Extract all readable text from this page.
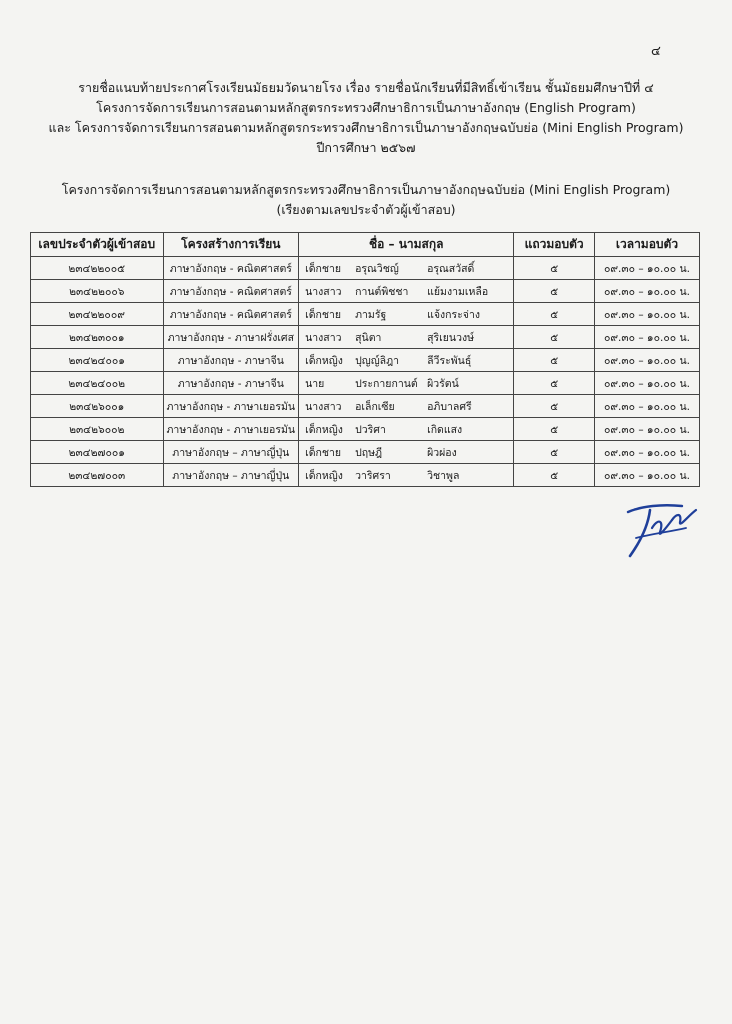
๔
รายชื่อแนบท้ายประกาศโรงเรียนมัธยมวัดนายโรง เรื่อง รายชื่อนักเรียนที่มีสิทธิ์เข้าเรียน ชั้นมัธยมศึกษาปีที่ ๔
โครงการจัดการเรียนการสอนตามหลักสูตรกระทรวงศึกษาธิการเป็นภาษาอังกฤษ (English Program)
และ โครงการจัดการเรียนการสอนตามหลักสูตรกระทรวงศึกษาธิการเป็นภาษาอังกฤษฉบับย่อ (Mini English Program)
ปีการศึกษา ๒๕๖๗
โครงการจัดการเรียนการสอนตามหลักสูตรกระทรวงศึกษาธิการเป็นภาษาอังกฤษฉบับย่อ (Mini English Program)
(เรียงตามเลขประจำตัวผู้เข้าสอบ)
เลขประจำตัวผู้เข้าสอบ	โครงสร้างการเรียน	ชื่อ – นามสกุล	แถวมอบตัว	เวลามอบตัว
๒๓๔๒๒๐๐๕	ภาษาอังกฤษ - คณิตศาสตร์	เด็กชาย อรุณวิชญ์ อรุณสวัสดิ์	๕	๐๙.๓๐ – ๑๐.๐๐ น.
๒๓๔๒๒๐๐๖	ภาษาอังกฤษ - คณิตศาสตร์	นางสาว กานต์พิชชา แย้มงามเหลือ	๕	๐๙.๓๐ – ๑๐.๐๐ น.
๒๓๔๒๒๐๐๙	ภาษาอังกฤษ - คณิตศาสตร์	เด็กชาย ภามรัฐ แจ้งกระจ่าง	๕	๐๙.๓๐ – ๑๐.๐๐ น.
๒๓๔๒๓๐๐๑	ภาษาอังกฤษ - ภาษาฝรั่งเศส	นางสาว สุนิตา สุริเยนวงษ์	๕	๐๙.๓๐ – ๑๐.๐๐ น.
๒๓๔๒๔๐๐๑	ภาษาอังกฤษ - ภาษาจีน	เด็กหญิง ปุญญ์ลิฎา ลีวีระพันธุ์	๕	๐๙.๓๐ – ๑๐.๐๐ น.
๒๓๔๒๔๐๐๒	ภาษาอังกฤษ - ภาษาจีน	นาย ประกายกานต์ ผิวรัตน์	๕	๐๙.๓๐ – ๑๐.๐๐ น.
๒๓๔๒๖๐๐๑	ภาษาอังกฤษ - ภาษาเยอรมัน	นางสาว อเล็กเซีย อภิบาลศรี	๕	๐๙.๓๐ – ๑๐.๐๐ น.
๒๓๔๒๖๐๐๒	ภาษาอังกฤษ - ภาษาเยอรมัน	เด็กหญิง ปวริศา เกิดแสง	๕	๐๙.๓๐ – ๑๐.๐๐ น.
๒๓๔๒๗๐๐๑	ภาษาอังกฤษ – ภาษาญี่ปุ่น	เด็กชาย ปฤษฎี ผิวผ่อง	๕	๐๙.๓๐ – ๑๐.๐๐ น.
๒๓๔๒๗๐๐๓	ภาษาอังกฤษ – ภาษาญี่ปุ่น	เด็กหญิง วาริศรา วิชาพูล	๕	๐๙.๓๐ – ๑๐.๐๐ น.
